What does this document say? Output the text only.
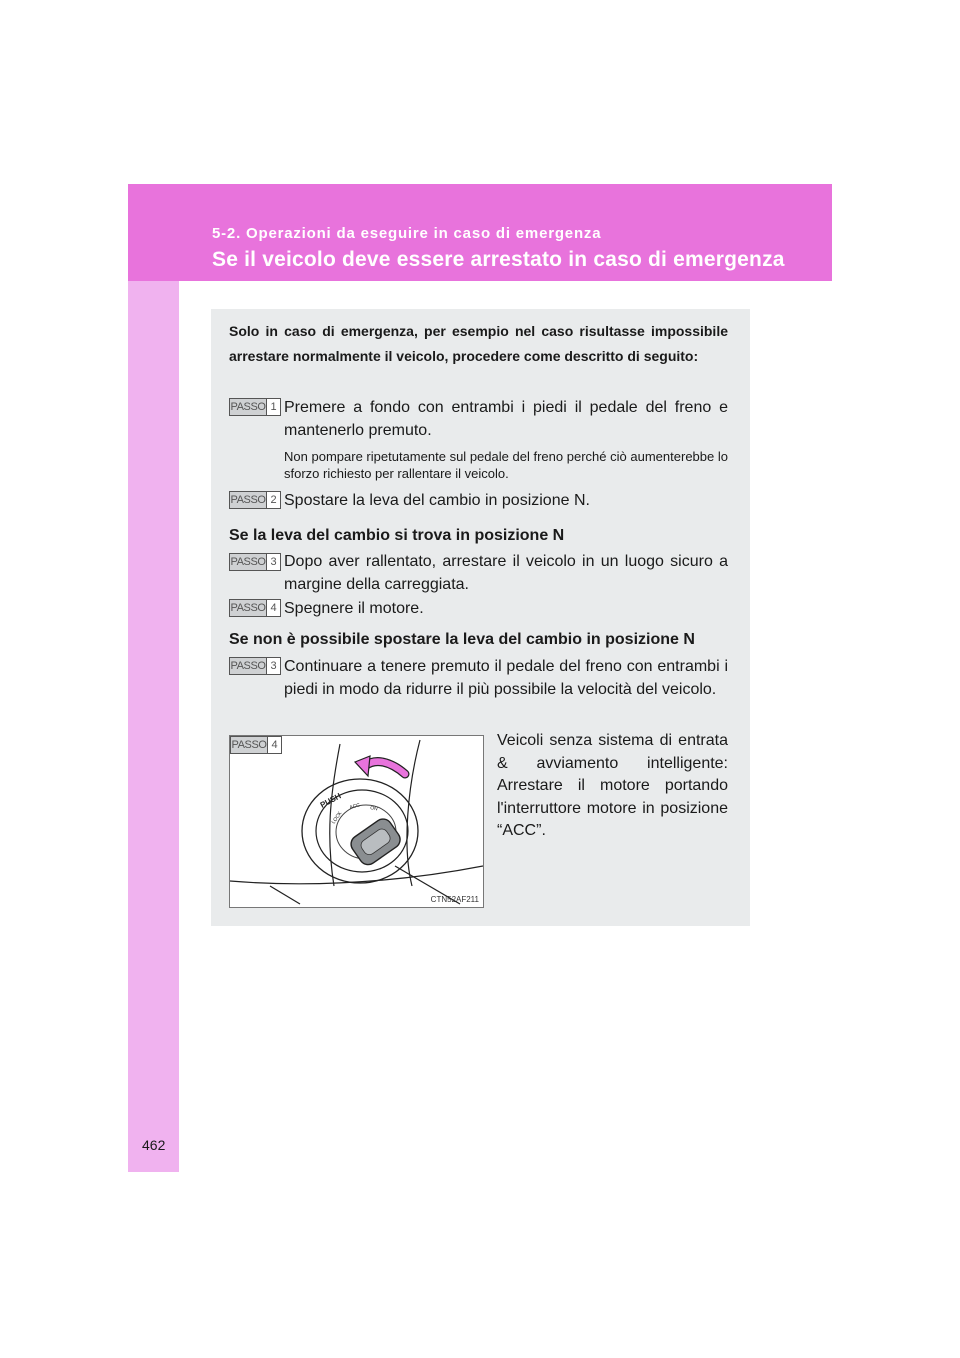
5-2. Operazioni da eseguire in caso di emergenza
Se il veicolo deve essere arrestato in caso di emergenza
462
Solo in caso di emergenza, per esempio nel caso risultasse impossibile arrestare normalmente il veicolo, procedere come descritto di seguito:
PASSO 1 Premere a fondo con entrambi i piedi il pedale del freno e mantenerlo premuto.
Non pompare ripetutamente sul pedale del freno perché ciò aumenterebbe lo sforzo richiesto per rallentare il veicolo.
PASSO 2 Spostare la leva del cambio in posizione N.
Se la leva del cambio si trova in posizione N
PASSO 3 Dopo aver rallentato, arrestare il veicolo in un luogo sicuro a margine della carreggiata.
PASSO 4 Spegnere il motore.
Se non è possibile spostare la leva del cambio in posizione N
PASSO 3 Continuare a tenere premuto il pedale del freno con entrambi i piedi in modo da ridurre il più possibile la velocità del veicolo.
PUSH
LOCK
ACC ON
PASSO 4
CTN52AF211
Veicoli senza sistema di entrata & avviamento intelligente: Arrestare il motore portando l'interruttore motore in posizione “ACC”.
